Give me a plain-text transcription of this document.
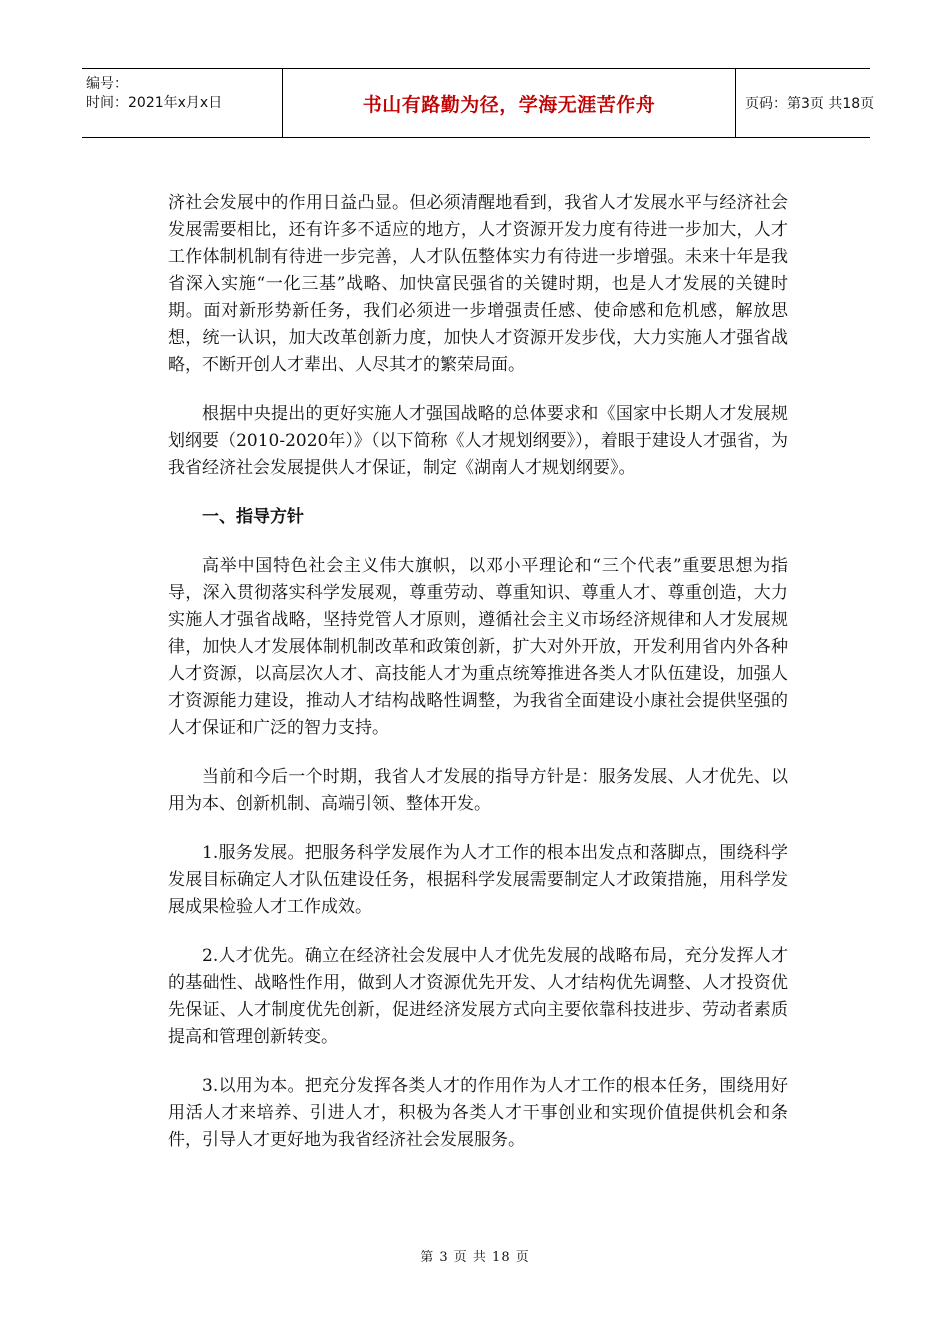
编号：
时间：2021年x月x日	书山有路勤为径，学海无涯苦作舟	页码：第3页 共18页

济社会发展中的作用日益凸显。但必须清醒地看到，我省人才发展水平与经济社会发展需要相比，还有许多不适应的地方，人才资源开发力度有待进一步加大，人才工作体制机制有待进一步完善，人才队伍整体实力有待进一步增强。未来十年是我省深入实施“一化三基”战略、加快富民强省的关键时期，也是人才发展的关键时期。面对新形势新任务，我们必须进一步增强责任感、使命感和危机感，解放思想，统一认识，加大改革创新力度，加快人才资源开发步伐，大力实施人才强省战略，不断开创人才辈出、人尽其才的繁荣局面。

根据中央提出的更好实施人才强国战略的总体要求和《国家中长期人才发展规划纲要（2010-2020年）》（以下简称《人才规划纲要》），着眼于建设人才强省，为我省经济社会发展提供人才保证，制定《湖南人才规划纲要》。

一、指导方针

高举中国特色社会主义伟大旗帜，以邓小平理论和“三个代表”重要思想为指导，深入贯彻落实科学发展观，尊重劳动、尊重知识、尊重人才、尊重创造，大力实施人才强省战略，坚持党管人才原则，遵循社会主义市场经济规律和人才发展规律，加快人才发展体制机制改革和政策创新，扩大对外开放，开发利用省内外各种人才资源，以高层次人才、高技能人才为重点统筹推进各类人才队伍建设，加强人才资源能力建设，推动人才结构战略性调整，为我省全面建设小康社会提供坚强的人才保证和广泛的智力支持。

当前和今后一个时期，我省人才发展的指导方针是：服务发展、人才优先、以用为本、创新机制、高端引领、整体开发。

1.服务发展。把服务科学发展作为人才工作的根本出发点和落脚点，围绕科学发展目标确定人才队伍建设任务，根据科学发展需要制定人才政策措施，用科学发展成果检验人才工作成效。

2.人才优先。确立在经济社会发展中人才优先发展的战略布局，充分发挥人才的基础性、战略性作用，做到人才资源优先开发、人才结构优先调整、人才投资优先保证、人才制度优先创新，促进经济发展方式向主要依靠科技进步、劳动者素质提高和管理创新转变。

3.以用为本。把充分发挥各类人才的作用作为人才工作的根本任务，围绕用好用活人才来培养、引进人才，积极为各类人才干事创业和实现价值提供机会和条件，引导人才更好地为我省经济社会发展服务。

第 3 页 共 18 页
